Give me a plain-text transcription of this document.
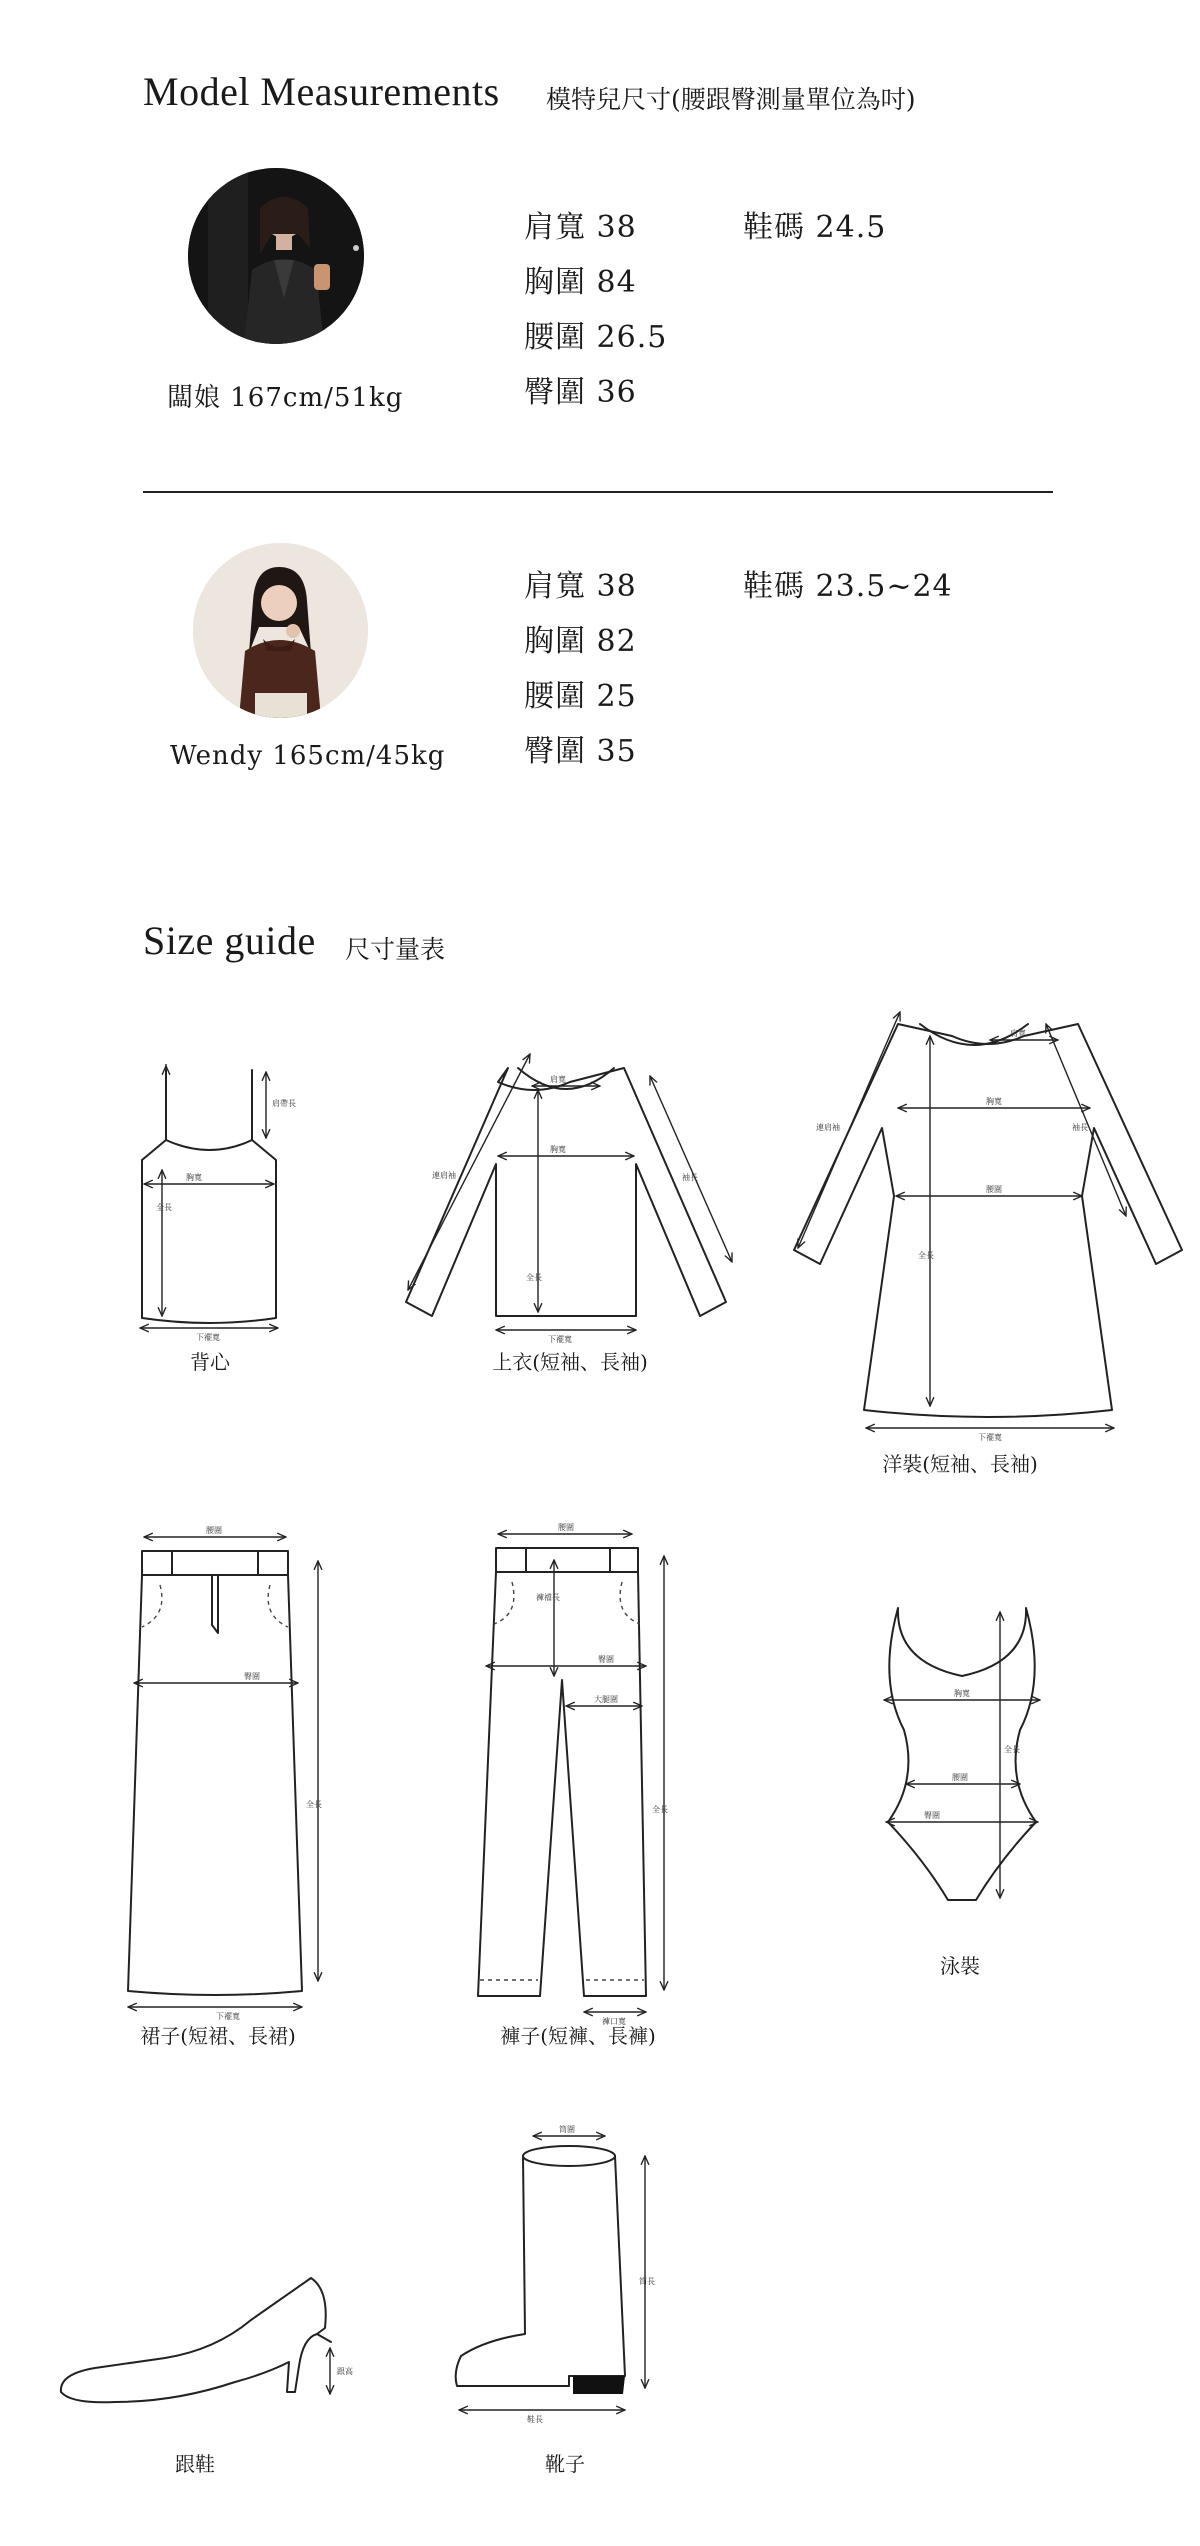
Model Measurements 模特兒尺寸(腰跟臀測量單位為吋)
闆娘 167cm/51kg
肩寬 38
胸圍 84
腰圍 26.5
臀圍 36
鞋碼 24.5
Wendy 165cm/45kg
肩寬 38
胸圍 82
腰圍 25
臀圍 35
鞋碼 23.5~24
Size guide 尺寸量表
肩帶長
胸寬
全長
下襬寬
背心
肩寬
胸寬
連肩袖	袖長
全長
下襬寬
上衣(短袖、長袖)
肩寬
胸寬
連肩袖	袖長
腰圍
全長
下襬寬
洋裝(短袖、長袖)
腰圍
臀圍
全長
下襬寬
裙子(短裙、長裙)
腰圍
褲襠長
臀圍
大腿圍
全長
褲口寬
褲子(短褲、長褲)
胸寬
全長
腰圍
臀圍
泳裝
跟高
跟鞋
筒圍
筒長
鞋長
靴子
